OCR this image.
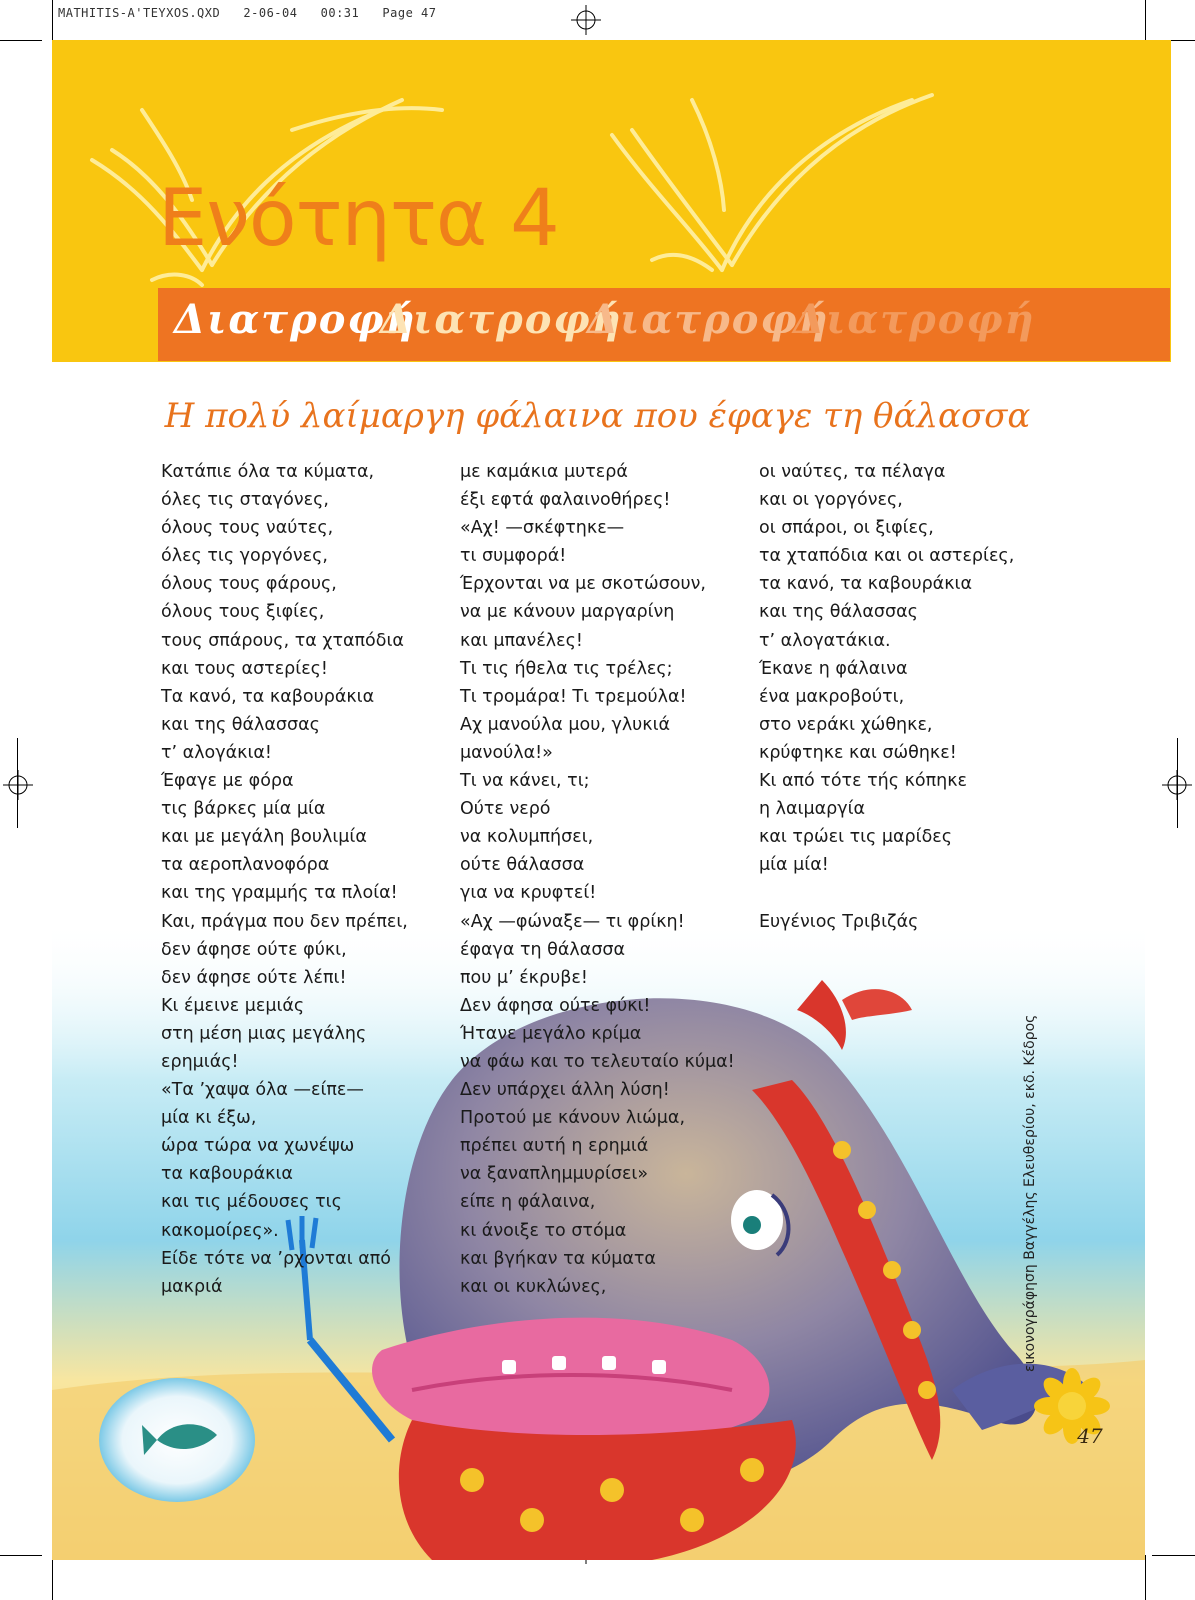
MATHITIS-A'TEYXOS.QXD   2-06-04   00:31   Page 47
Ενότητα 4
Διατροφή
Διατροφή
Διατροφή
Διατροφή
Η πολύ λαίμαργη φάλαινα που έφαγε τη θάλασσα
Κατάπιε όλα τα κύματα,
όλες τις σταγόνες,
όλους τους ναύτες,
όλες τις γοργόνες,
όλους τους φάρους,
όλους τους ξιφίες,
τους σπάρους, τα χταπόδια
και τους αστερίες!
Τα κανό, τα καβουράκια
και της θάλασσας
τ’ αλογάκια!
Έφαγε με φόρα
τις βάρκες μία μία
και με μεγάλη βουλιμία
τα αεροπλανοφόρα
και της γραμμής τα πλοία!
Και, πράγμα που δεν πρέπει,
δεν άφησε ούτε φύκι,
δεν άφησε ούτε λέπι!
Κι έμεινε μεμιάς
στη μέση μιας μεγάλης
ερημιάς!
«Τα ’χαψα όλα —είπε—
μία κι έξω,
ώρα τώρα να χωνέψω
τα καβουράκια
και τις μέδουσες τις
κακομοίρες».
Είδε τότε να ’ρχονται από
μακριά
με καμάκια μυτερά
έξι εφτά φαλαινοθήρες!
«Αχ! —σκέφτηκε—
τι συμφορά!
Έρχονται να με σκοτώσουν,
να με κάνουν μαργαρίνη
και μπανέλες!
Τι τις ήθελα τις τρέλες;
Τι τρομάρα! Τι τρεμούλα!
Αχ μανούλα μου, γλυκιά
μανούλα!»
Τι να κάνει, τι;
Ούτε νερό
να κολυμπήσει,
ούτε θάλασσα
για να κρυφτεί!
«Αχ —φώναξε— τι φρίκη!
έφαγα τη θάλασσα
που μ’ έκρυβε!
Δεν άφησα ούτε φύκι!
Ήτανε μεγάλο κρίμα
να φάω και το τελευταίο κύμα!
Δεν υπάρχει άλλη λύση!
Προτού με κάνουν λιώμα,
πρέπει αυτή η ερημιά
να ξαναπλημμυρίσει»
είπε η φάλαινα,
κι άνοιξε το στόμα
και βγήκαν τα κύματα
και οι κυκλώνες,
οι ναύτες, τα πέλαγα
και οι γοργόνες,
οι σπάροι, οι ξιφίες,
τα χταπόδια και οι αστερίες,
τα κανό, τα καβουράκια
και της θάλασσας
τ’ αλογατάκια.
Έκανε η φάλαινα
ένα μακροβούτι,
στο νεράκι χώθηκε,
κρύφτηκε και σώθηκε!
Κι από τότε τής κόπηκε
η λαιμαργία
και τρώει τις μαρίδες
μία μία!
Ευγένιος Τριβιζάς
εικονογράφηση Βαγγέλης Ελευθερίου, εκδ. Κέδρος
47
